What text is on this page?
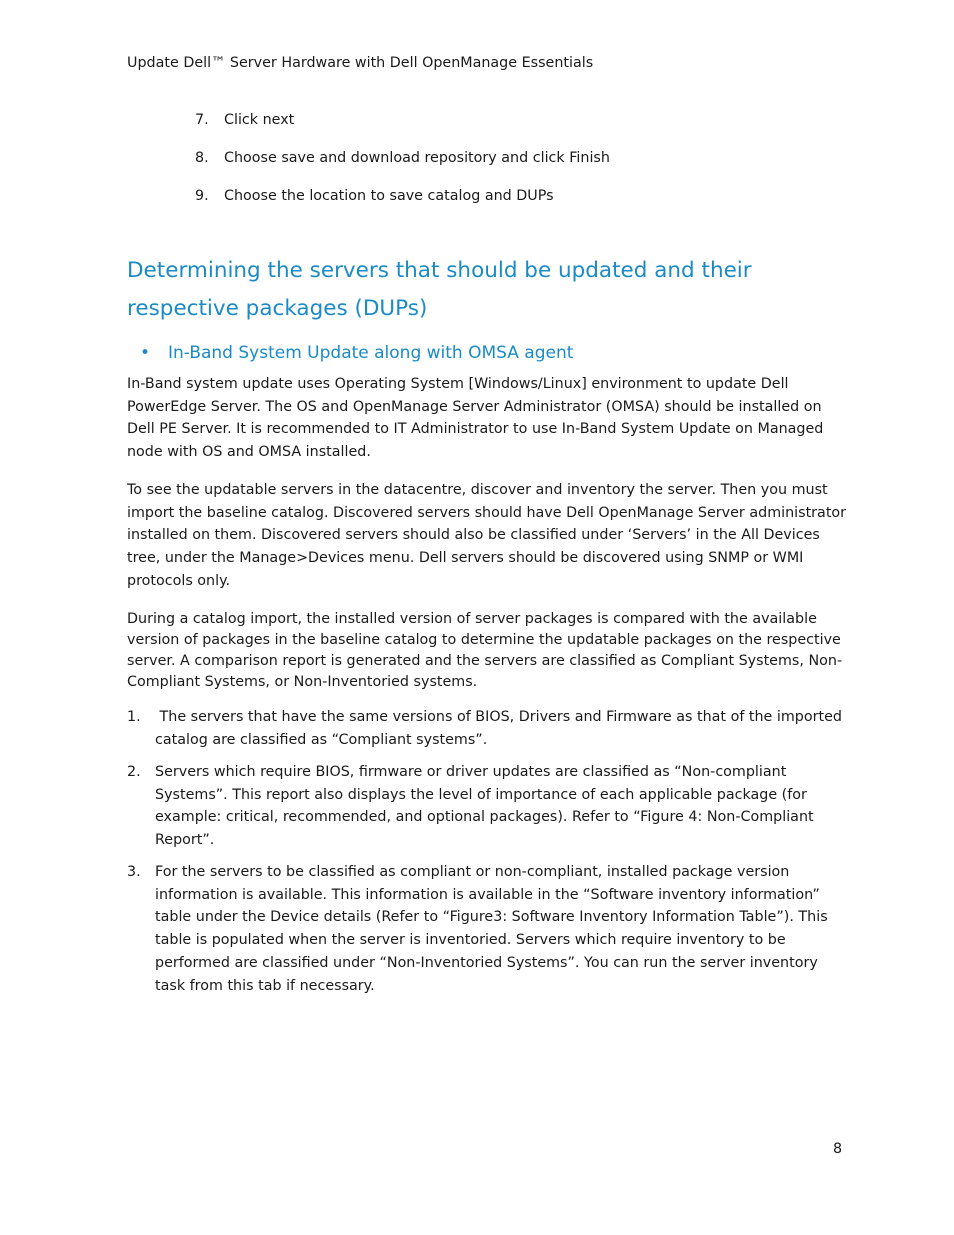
Update Dell™ Server Hardware with Dell OpenManage Essentials
7.	Click next
8.	Choose save and download repository and click Finish
9.	Choose the location to save catalog and DUPs
Determining the servers that should be updated and their respective packages (DUPs)
•	In-Band System Update along with OMSA agent

In-Band system update uses Operating System [Windows/Linux] environment to update Dell PowerEdge Server. The OS and OpenManage Server Administrator (OMSA) should be installed on Dell PE Server. It is recommended to IT Administrator to use In-Band System Update on Managed node with OS and OMSA installed.

To see the updatable servers in the datacentre, discover and inventory the server. Then you must import the baseline catalog. Discovered servers should have Dell OpenManage Server administrator installed on them. Discovered servers should also be classified under ‘Servers’ in the All Devices tree, under the Manage>Devices menu. Dell servers should be discovered using SNMP or WMI protocols only.

During a catalog import, the installed version of server packages is compared with the available version of packages in the baseline catalog to determine the updatable packages on the respective server. A comparison report is generated and the servers are classified as Compliant Systems, Non-Compliant Systems, or Non-Inventoried systems.

1. The servers that have the same versions of BIOS, Drivers and Firmware as that of the imported catalog are classified as “Compliant systems”.
2. Servers which require BIOS, firmware or driver updates are classified as “Non-compliant Systems”. This report also displays the level of importance of each applicable package (for example: critical, recommended, and optional packages). Refer to “Figure 4: Non-Compliant Report”.
3. For the servers to be classified as compliant or non-compliant, installed package version information is available. This information is available in the “Software inventory information” table under the Device details (Refer to “Figure3: Software Inventory Information Table”). This table is populated when the server is inventoried. Servers which require inventory to be performed are classified under “Non-Inventoried Systems”. You can run the server inventory task from this tab if necessary.
8
